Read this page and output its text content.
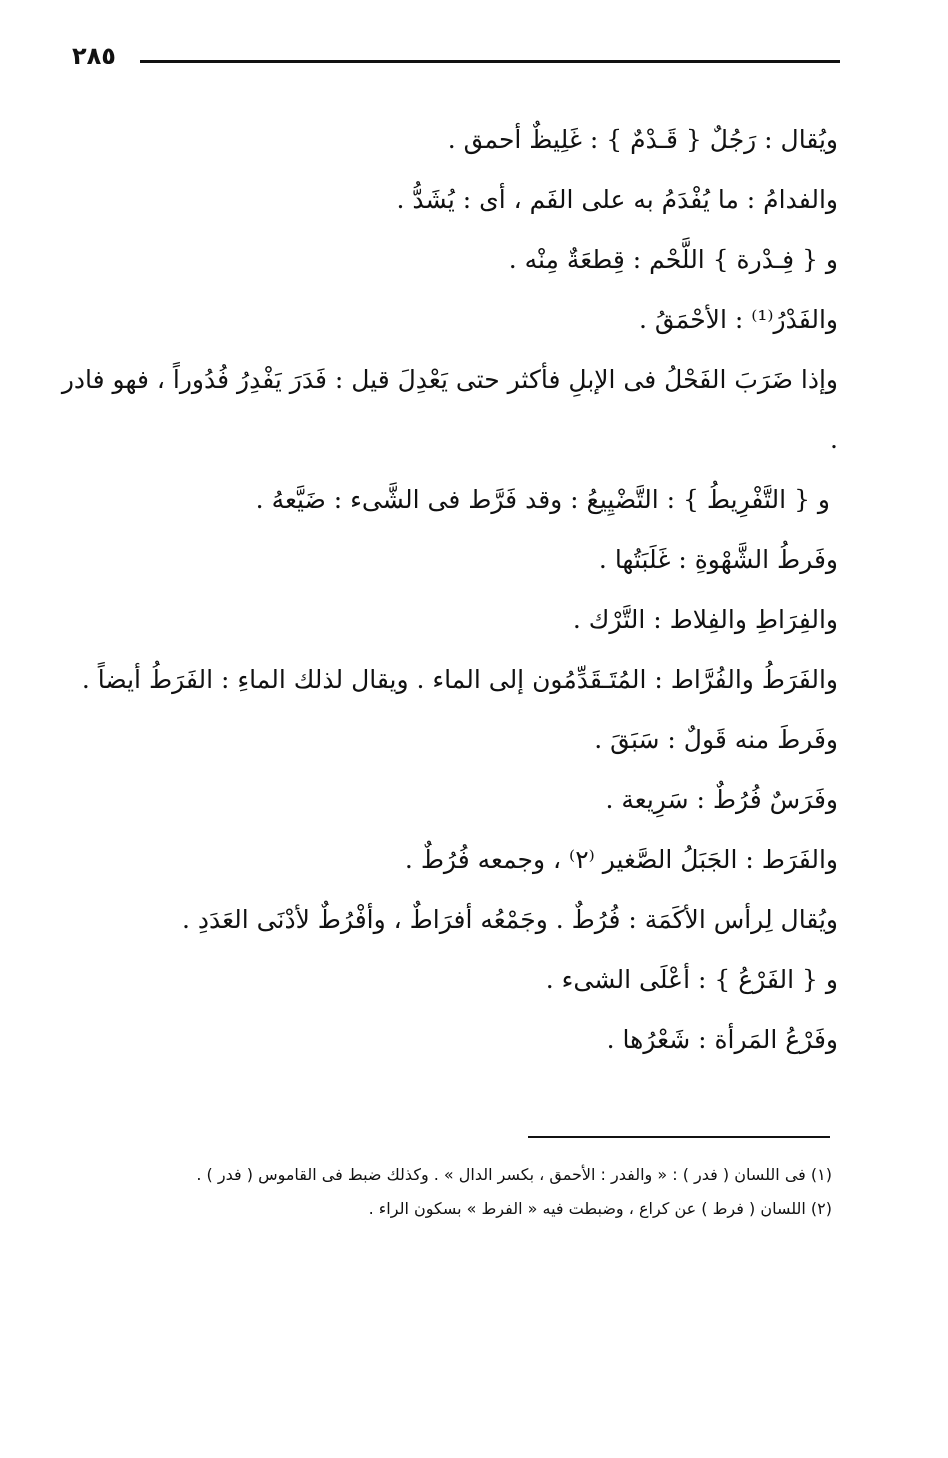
٢٨٥
ويُقال : رَجُلٌ { قَـدْمٌ } : غَلِيظٌ أحمق .
والفدامُ : ما يُفْدَمُ به على الفَم ، أى : يُشَدُّ .
و { فِـدْرة } اللَّحْم : قِطعَةٌ مِنْه .
والفَدْرُ⁽¹⁾ : الأحْمَقُ .
وإذا ضَرَبَ الفَحْلُ فى الإبلِ فأكثر حتى يَعْدِلَ قيل : فَدَرَ يَفْدِرُ فُدُوراً ، فهو فادر .
و { التَّفْرِيطُ } : التَّضْيِيعُ : وقد فَرَّط فى الشَّىء : ضَيَّعهُ .
وفَرطُ الشَّهْوةِ : غَلَبَتُها .
والفِرَاطِ والفِلاط : التَّرْك .
والفَرَطُ والفُرَّاط : المُتَـقَدِّمُون إلى الماء . ويقال لذلك الماءِ : الفَرَطُ أيضاً .
وفَرطَ منه قَولٌ : سَبَقَ .
وفَرَسٌ فُرُطٌ : سَرِيعة .
والفَرَط : الجَبَلُ الصَّغير ⁽٢⁾ ، وجمعه فُرُطٌ .
ويُقال لِرأس الأكَمَة : فُرُطٌ . وجَمْعُه أفرَاطٌ ، وأفْرُطٌ لأدْنَى العَدَدِ .
و { الفَرْعُ } : أعْلَى الشىء .
وفَرْعُ المَرأة : شَعْرُها .
(١) فى اللسان ( فدر ) : « والفدر : الأحمق ، بكسر الدال » . وكذلك ضبط فى القاموس ( فدر ) .
(٢) اللسان ( فرط ) عن كراع ، وضبطت فيه « الفرط » بسكون الراء .
